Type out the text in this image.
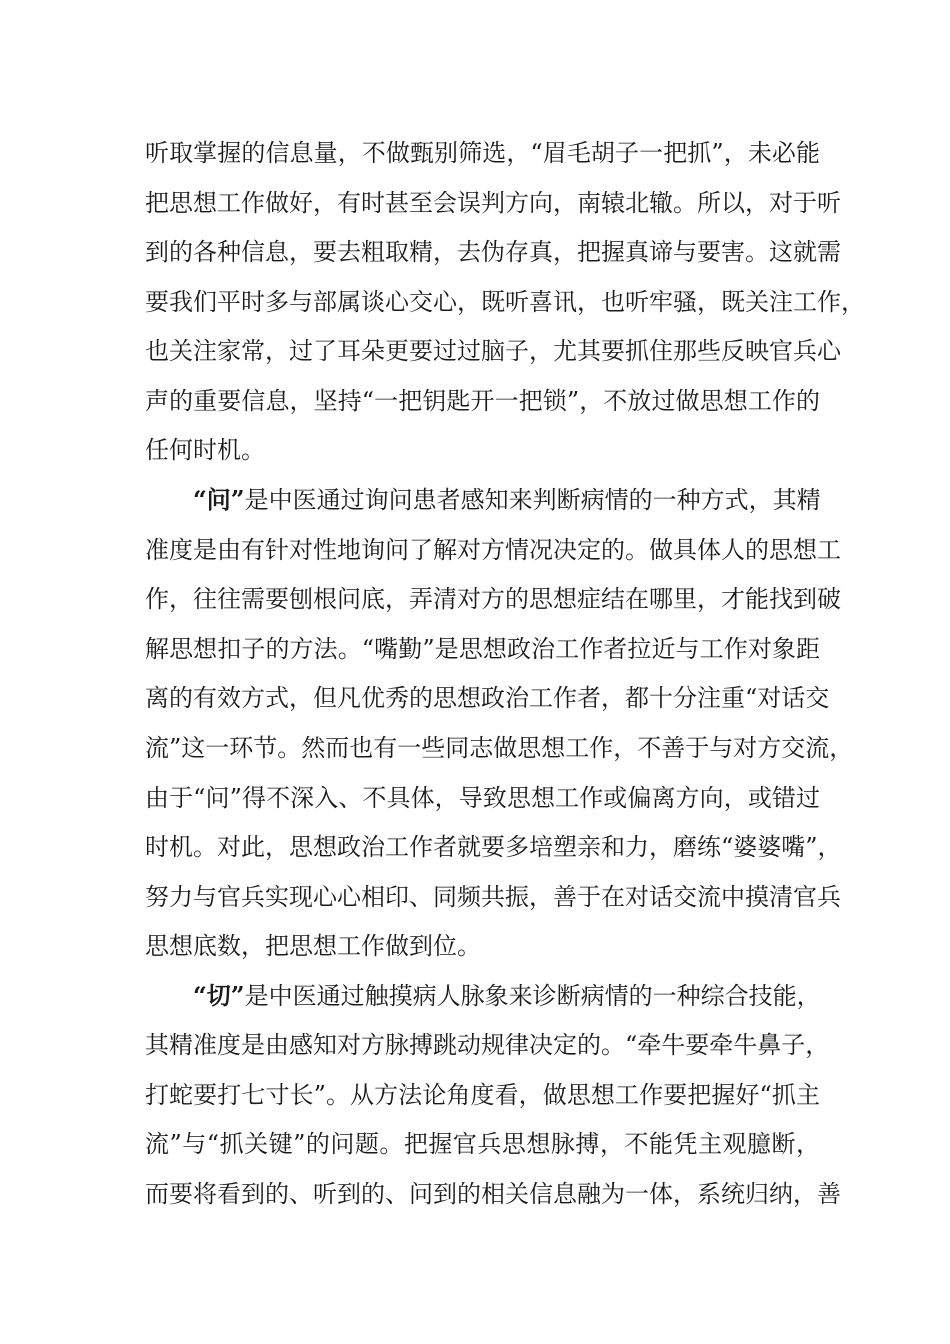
听取掌握的信息量，不做甄别筛选，“眉毛胡子一把抓”，未必能
把思想工作做好，有时甚至会误判方向，南辕北辙。所以，对于听
到的各种信息，要去粗取精，去伪存真，把握真谛与要害。这就需
要我们平时多与部属谈心交心，既听喜讯，也听牢骚，既关注工作，
也关注家常，过了耳朵更要过过脑子，尤其要抓住那些反映官兵心
声的重要信息，坚持“一把钥匙开一把锁”，不放过做思想工作的
任何时机。
“问”是中医通过询问患者感知来判断病情的一种方式，其精
准度是由有针对性地询问了解对方情况决定的。做具体人的思想工
作，往往需要刨根问底，弄清对方的思想症结在哪里，才能找到破
解思想扣子的方法。“嘴勤”是思想政治工作者拉近与工作对象距
离的有效方式，但凡优秀的思想政治工作者，都十分注重“对话交
流”这一环节。然而也有一些同志做思想工作，不善于与对方交流，
由于“问”得不深入、不具体，导致思想工作或偏离方向，或错过
时机。对此，思想政治工作者就要多培塑亲和力，磨练“婆婆嘴”，
努力与官兵实现心心相印、同频共振，善于在对话交流中摸清官兵
思想底数，把思想工作做到位。
“切”是中医通过触摸病人脉象来诊断病情的一种综合技能，
其精准度是由感知对方脉搏跳动规律决定的。“牵牛要牵牛鼻子，
打蛇要打七寸长”。从方法论角度看，做思想工作要把握好“抓主
流”与“抓关键”的问题。把握官兵思想脉搏，不能凭主观臆断，
而要将看到的、听到的、问到的相关信息融为一体，系统归纳，善
